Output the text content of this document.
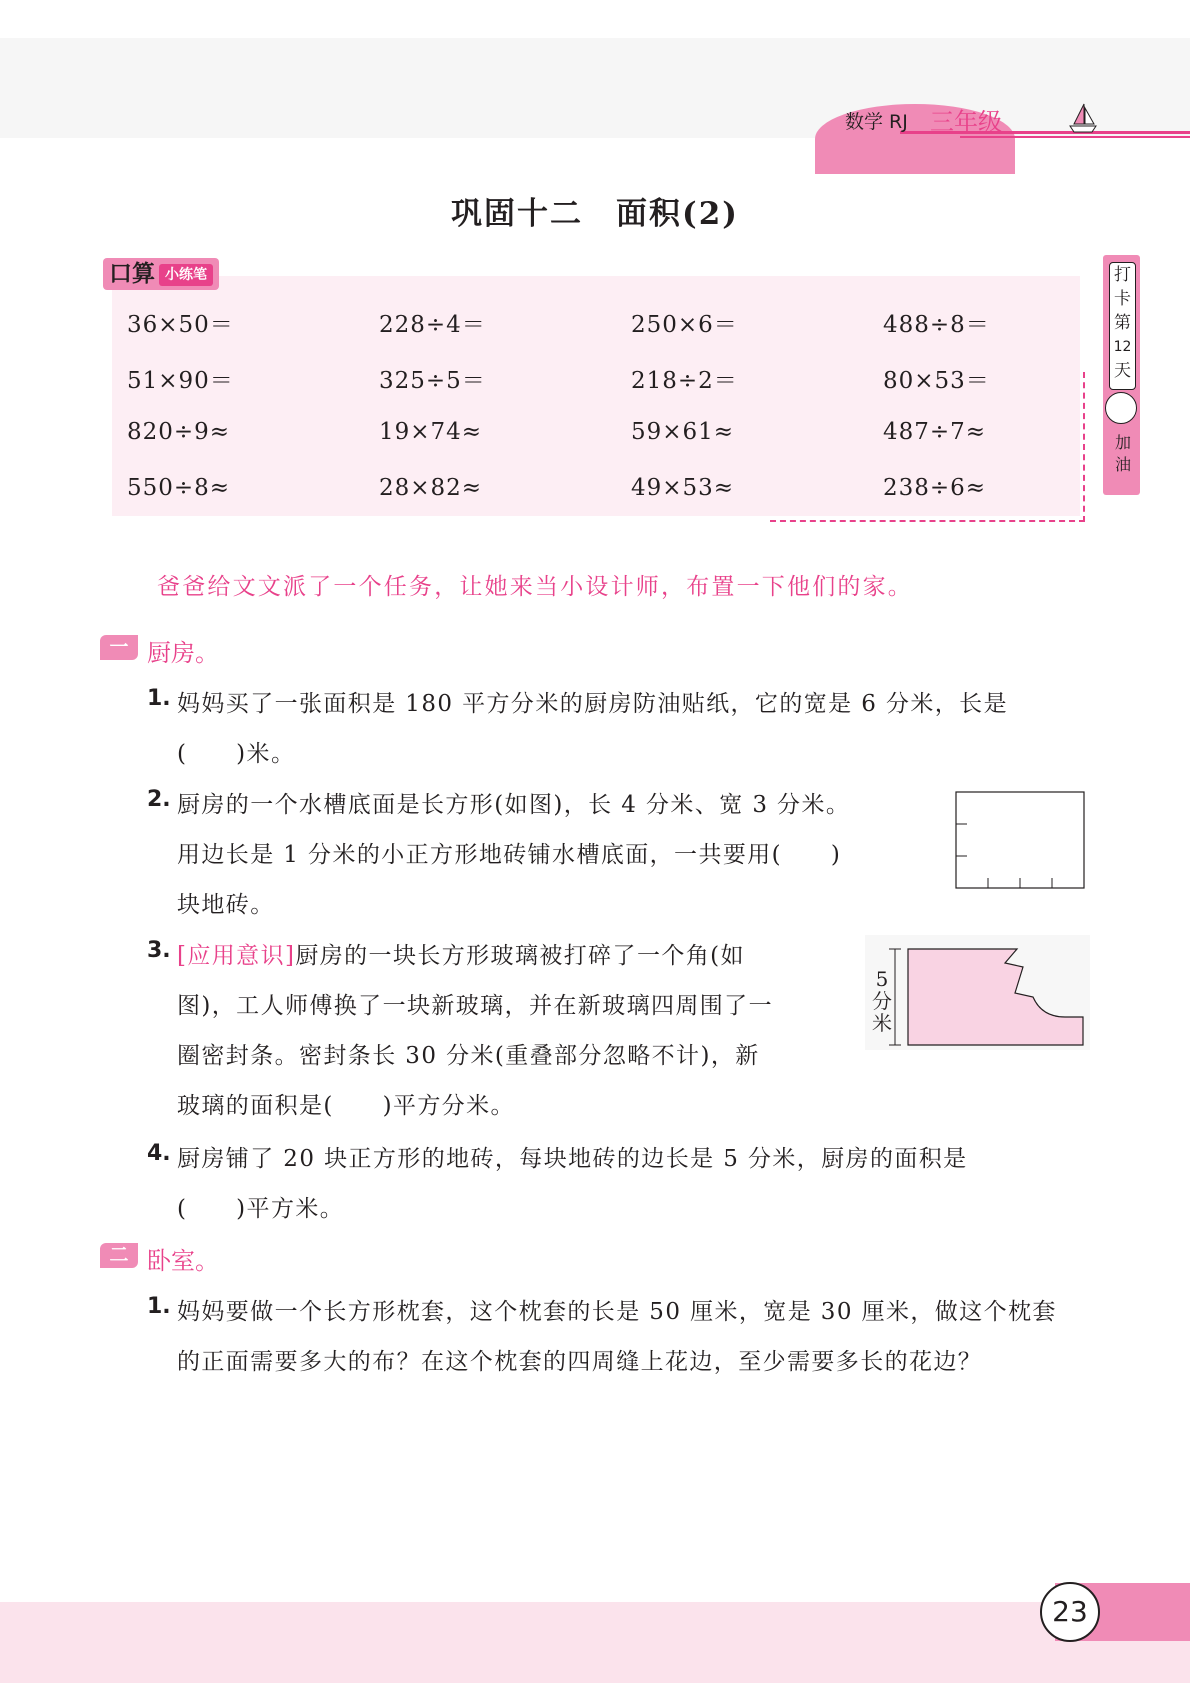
数学 RJ 三年级
巩固十二　面积(2)
口算 小练笔
36×50＝	228÷4＝	250×6＝	488÷8＝
51×90＝	325÷5＝	218÷2＝	80×53＝
820÷9≈	19×74≈	59×61≈	487÷7≈
550÷8≈	28×82≈	49×53≈	238÷6≈
打
卡
第
12
天
加
油
爸爸给文文派了一个任务，让她来当小设计师，布置一下他们的家。
一 厨房。
1. 妈妈买了一张面积是 180 平方分米的厨房防油贴纸，它的宽是 6 分米，长是
(　　)米。
2. 厨房的一个水槽底面是长方形(如图)，长 4 分米、宽 3 分米。
用边长是 1 分米的小正方形地砖铺水槽底面，一共要用(　　)
块地砖。
3. [应用意识]厨房的一块长方形玻璃被打碎了一个角(如
图)，工人师傅换了一块新玻璃，并在新玻璃四周围了一
圈密封条。密封条长 30 分米(重叠部分忽略不计)，新
玻璃的面积是(　　)平方分米。
5分米
4. 厨房铺了 20 块正方形的地砖，每块地砖的边长是 5 分米，厨房的面积是
(　　)平方米。
二 卧室。
1. 妈妈要做一个长方形枕套，这个枕套的长是 50 厘米，宽是 30 厘米，做这个枕套
的正面需要多大的布？在这个枕套的四周缝上花边，至少需要多长的花边？
23
